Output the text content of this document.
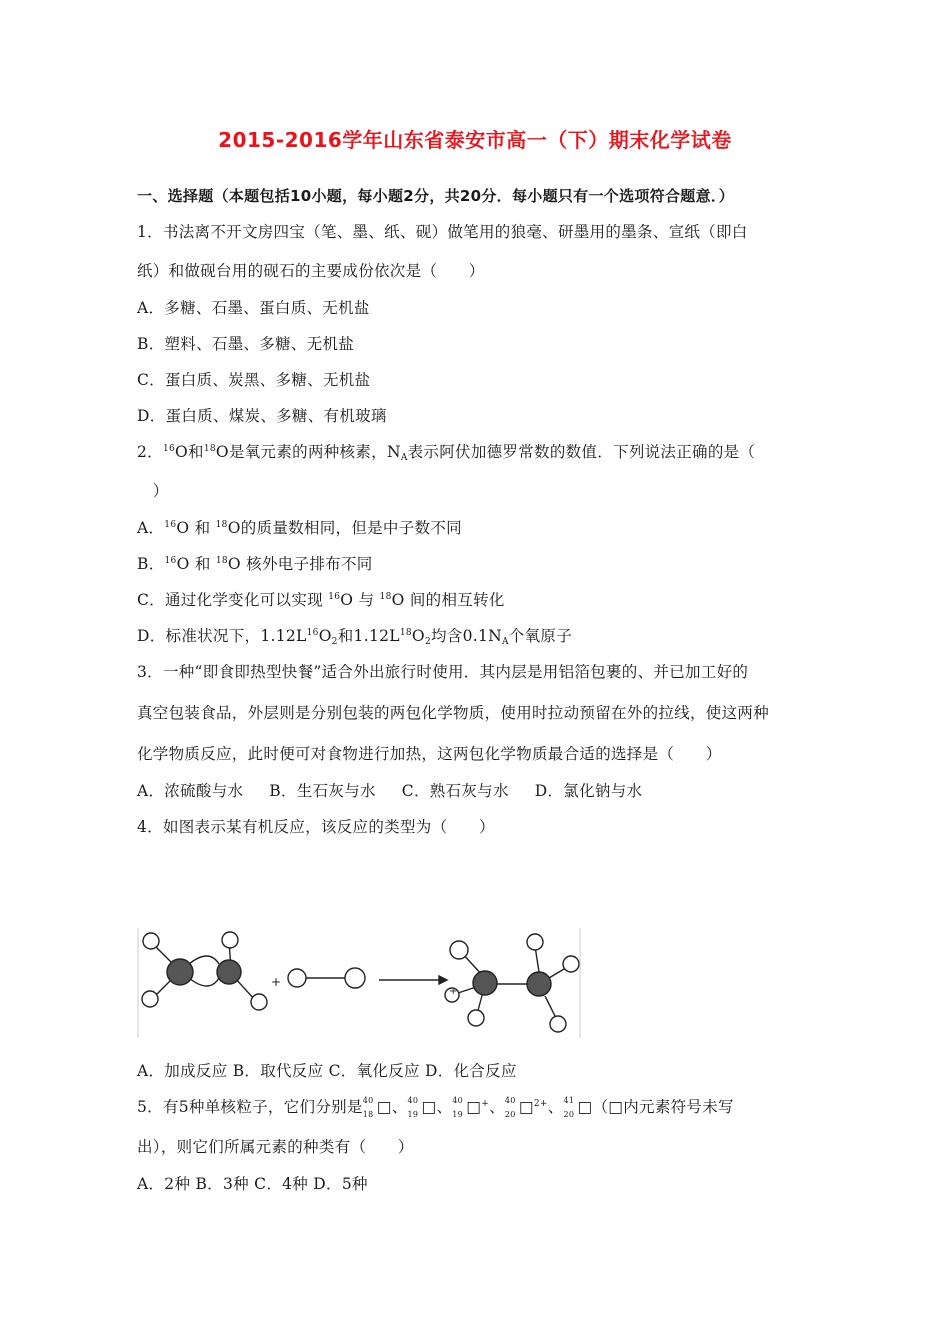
2015-2016学年山东省泰安市高一（下）期末化学试卷
一、选择题（本题包括10小题，每小题2分，共20分．每小题只有一个选项符合题意．）
1．书法离不开文房四宝（笔、墨、纸、砚）做笔用的狼毫、研墨用的墨条、宣纸（即白
纸）和做砚台用的砚石的主要成份依次是（　　）
A．多糖、石墨、蛋白质、无机盐
B．塑料、石墨、多糖、无机盐
C．蛋白质、炭黑、多糖、无机盐
D．蛋白质、煤炭、多糖、有机玻璃
2．$^{16}$O和$^{18}$O是氧元素的两种核素，$N_A$表示阿伏加德罗常数的数值．下列说法正确的是（
　）
A．$^{16}$O 和 $^{18}$O的质量数相同，但是中子数不同
B．$^{16}$O 和 $^{18}$O 核外电子排布不同
C．通过化学变化可以实现 $^{16}$O 与 $^{18}$O 间的相互转化
D．标准状况下，$1.12L^{16}O_2$和$1.12L^{18}O_2$均含$0.1N_A$个氧原子
3．一种“即食即热型快餐”适合外出旅行时使用．其内层是用铝箔包裹的、并已加工好的
真空包装食品，外层则是分别包装的两包化学物质，使用时拉动预留在外的拉线，使这两种
化学物质反应，此时便可对食物进行加热，这两包化学物质最合适的选择是（　　）
A．浓硫酸与水 B．生石灰与水 C．熟石灰与水 D．氯化钠与水
4．如图表示某有机反应，该反应的类型为（　　）
+
+
A．加成反应 B．取代反应 C．氧化反应 D．化合反应
5．有5种单核粒子，它们分别是 40
18 □、 40
19 □、 40
19 □+、 40
20 □$^{2+}$、 41
20 □（□内元素符号未写
出），则它们所属元素的种类有（　　）
A．2种 B．3种 C．4种 D．5种
